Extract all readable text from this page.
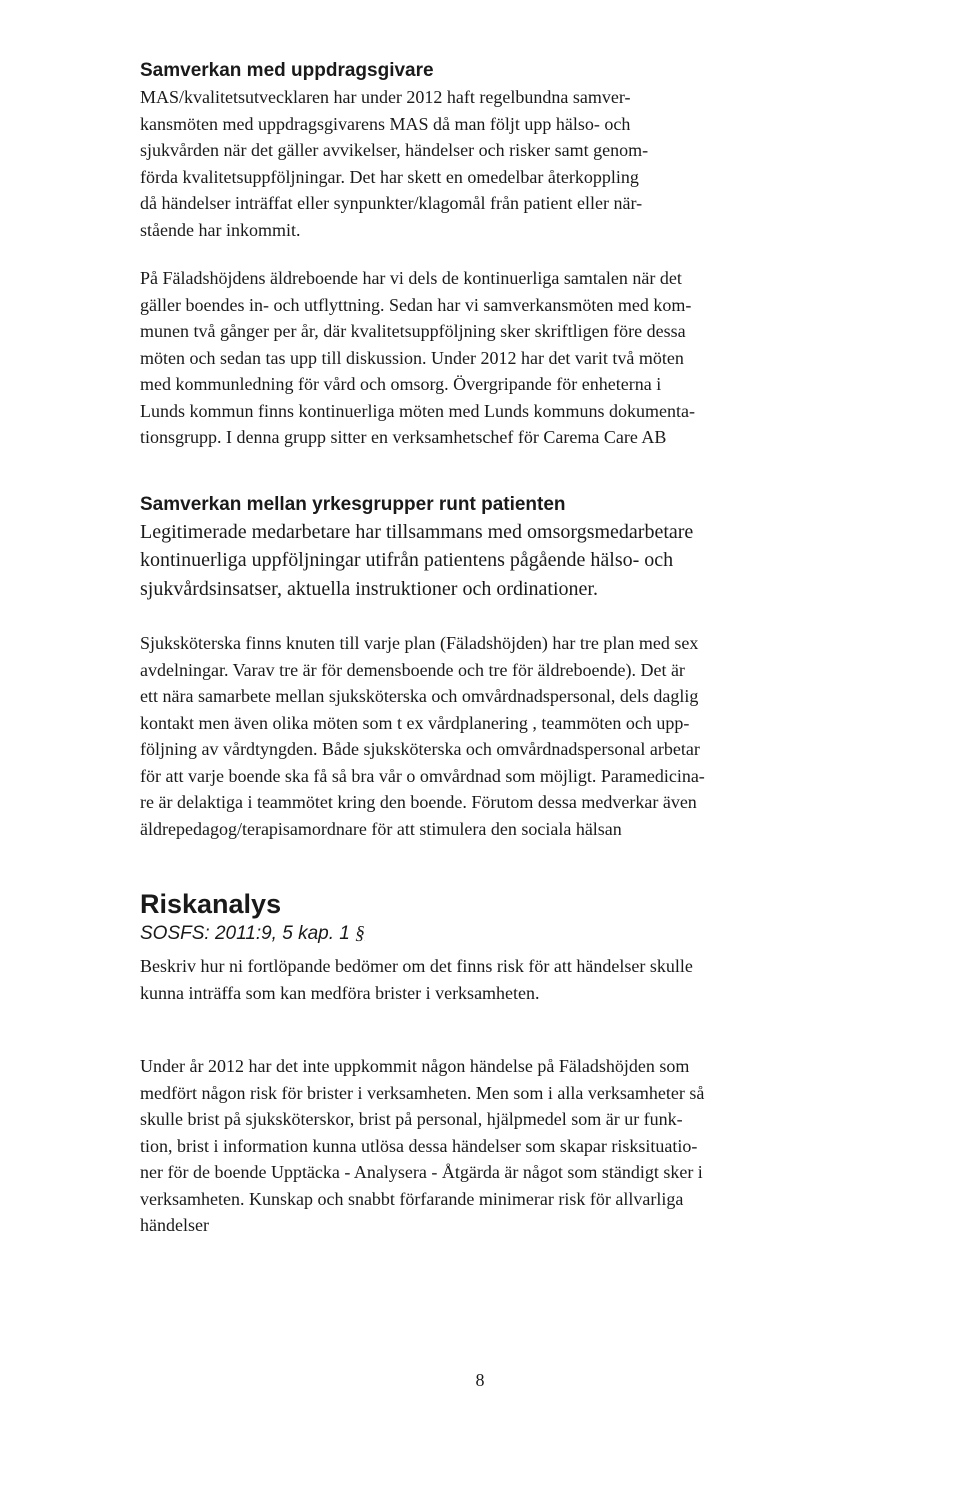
Samverkan med uppdragsgivare

MAS/kvalitetsutvecklaren har under 2012 haft regelbundna samver-
kansmöten med uppdragsgivarens MAS då man följt upp hälso- och
sjukvården när det gäller avvikelser, händelser och risker samt genom-
förda kvalitetsuppföljningar. Det har skett en omedelbar återkoppling
då händelser inträffat eller synpunkter/klagomål från patient eller när-
stående har inkommit.

På Fäladshöjdens äldreboende har vi dels de kontinuerliga samtalen när det
gäller boendes in- och utflyttning. Sedan har vi samverkansmöten med kom-
munen två gånger per år, där kvalitetsuppföljning sker skriftligen före dessa
möten och sedan tas upp till diskussion. Under 2012 har det varit två möten
med kommunledning för vård och omsorg. Övergripande för enheterna i
Lunds kommun finns kontinuerliga möten med Lunds kommuns dokumenta-
tionsgrupp. I denna grupp sitter en verksamhetschef för Carema Care AB

Samverkan mellan yrkesgrupper runt patienten

Legitimerade medarbetare har tillsammans med omsorgsmedarbetare
kontinuerliga uppföljningar utifrån patientens pågående hälso- och
sjukvårdsinsatser, aktuella instruktioner och ordinationer.

Sjuksköterska finns knuten till varje plan (Fäladshöjden) har tre plan med sex
avdelningar. Varav tre är för demensboende och tre för äldreboende). Det är
ett nära samarbete mellan sjuksköterska och omvårdnadspersonal, dels daglig
kontakt men även olika möten som t ex vårdplanering , teammöten och upp-
följning av vårdtyngden. Både sjuksköterska och omvårdnadspersonal arbetar
för att varje boende ska få så bra vår o omvårdnad som möjligt. Paramedicina-
re är delaktiga i teammötet kring den boende. Förutom dessa medverkar även
äldrepedagog/terapisamordnare för att stimulera den sociala hälsan

Riskanalys

SOSFS: 2011:9, 5 kap. 1 §

Beskriv hur ni fortlöpande bedömer om det finns risk för att händelser skulle
kunna inträffa som kan medföra brister i verksamheten.

Under år 2012 har det inte uppkommit någon händelse på Fäladshöjden som
medfört någon risk för brister i verksamheten. Men som i alla verksamheter så
skulle brist på sjuksköterskor, brist på personal, hjälpmedel som är ur funk-
tion, brist i information kunna utlösa dessa händelser som skapar risksituatio-
ner för de boende Upptäcka - Analysera - Åtgärda är något som ständigt sker i
verksamheten. Kunskap och snabbt förfarande minimerar risk för allvarliga
händelser

8
